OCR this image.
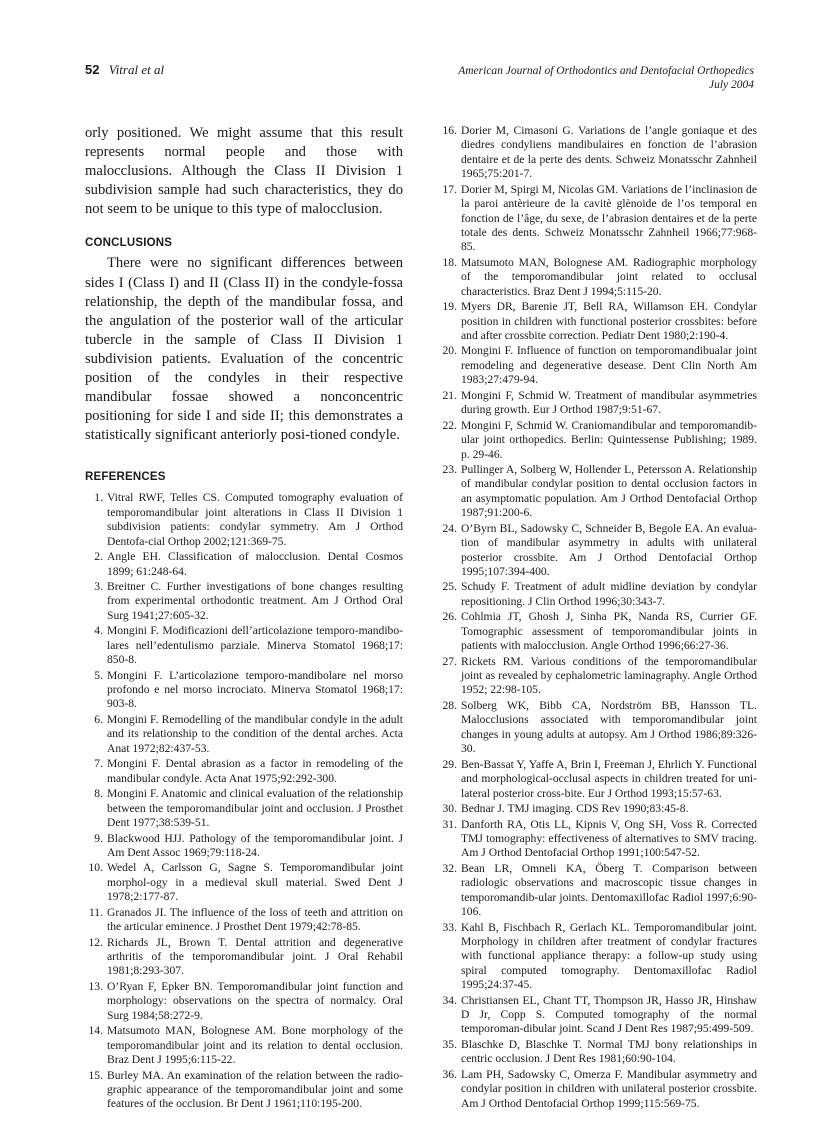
52 Vitral et al	American Journal of Orthodontics and Dentofacial Orthopedics
July 2004

orly positioned. We might assume that this result represents normal people and those with malocclusions. Although the Class II Division 1 subdivision sample had such characteristics, they do not seem to be unique to this type of malocclusion.

CONCLUSIONS

There were no significant differences between sides I (Class I) and II (Class II) in the condyle-fossa relationship, the depth of the mandibular fossa, and the angulation of the posterior wall of the articular tubercle in the sample of Class II Division 1 subdivision patients. Evaluation of the concentric position of the condyles in their respective mandibular fossae showed a nonconcentric positioning for side I and side II; this demonstrates a statistically significant anteriorly posi-tioned condyle.

REFERENCES
1. Vitral RWF, Telles CS. Computed tomography evaluation of temporomandibular joint alterations in Class II Division 1 subdivision patients: condylar symmetry. Am J Orthod Dentofa-cial Orthop 2002;121:369-75.
2. Angle EH. Classification of malocclusion. Dental Cosmos 1899; 61:248-64.
3. Breitner C. Further investigations of bone changes resulting from experimental orthodontic treatment. Am J Orthod Oral Surg 1941;27:605-32.
4. Mongini F. Modificazioni dell’articolazione temporo-mandibo-lares nell’edentulismo parziale. Minerva Stomatol 1968;17: 850-8.
5. Mongini F. L’articolazione temporo-mandibolare nel morso profondo e nel morso incrociato. Minerva Stomatol 1968;17: 903-8.
6. Mongini F. Remodelling of the mandibular condyle in the adult and its relationship to the condition of the dental arches. Acta Anat 1972;82:437-53.
7. Mongini F. Dental abrasion as a factor in remodeling of the mandibular condyle. Acta Anat 1975;92:292-300.
8. Mongini F. Anatomic and clinical evaluation of the relationship between the temporomandibular joint and occlusion. J Prosthet Dent 1977;38:539-51.
9. Blackwood HJJ. Pathology of the temporomandibular joint. J Am Dent Assoc 1969;79:118-24.
10. Wedel A, Carlsson G, Sagne S. Temporomandibular joint morphol-ogy in a medieval skull material. Swed Dent J 1978;2:177-87.
11. Granados JI. The influence of the loss of teeth and attrition on the articular eminence. J Prosthet Dent 1979;42:78-85.
12. Richards JL, Brown T. Dental attrition and degenerative arthritis of the temporomandibular joint. J Oral Rehabil 1981;8:293-307.
13. O’Ryan F, Epker BN. Temporomandibular joint function and morphology: observations on the spectra of normalcy. Oral Surg 1984;58:272-9.
14. Matsumoto MAN, Bolognese AM. Bone morphology of the temporomandibular joint and its relation to dental occlusion. Braz Dent J 1995;6:115-22.
15. Burley MA. An examination of the relation between the radio-graphic appearance of the temporomandibular joint and some features of the occlusion. Br Dent J 1961;110:195-200.
16. Dorier M, Cimasoni G. Variations de l’angle goniaque et des diedres condyliens mandibulaires en fonction de l’abrasion dentaire et de la perte des dents. Schweiz Monatsschr Zahnheil 1965;75:201-7.
17. Dorier M, Spirgi M, Nicolas GM. Variations de l’inclinasion de la paroi antèrieure de la cavitè glènoide de l’os temporal en fonction de l’âge, du sexe, de l’abrasion dentaires et de la perte totale des dents. Schweiz Monatsschr Zahnheil 1966;77:968-85.
18. Matsumoto MAN, Bolognese AM. Radiographic morphology of the temporomandibular joint related to occlusal characteristics. Braz Dent J 1994;5:115-20.
19. Myers DR, Barenie JT, Bell RA, Willamson EH. Condylar position in children with functional posterior crossbites: before and after crossbite correction. Pediatr Dent 1980;2:190-4.
20. Mongini F. Influence of function on temporomandibualar joint remodeling and degenerative desease. Dent Clin North Am 1983;27:479-94.
21. Mongini F, Schmid W. Treatment of mandibular asymmetries during growth. Eur J Orthod 1987;9:51-67.
22. Mongini F, Schmid W. Craniomandibular and temporomandib-ular joint orthopedics. Berlin: Quintessense Publishing; 1989. p. 29-46.
23. Pullinger A, Solberg W, Hollender L, Petersson A. Relationship of mandibular condylar position to dental occlusion factors in an asymptomatic population. Am J Orthod Dentofacial Orthop 1987;91:200-6.
24. O’Byrn BL, Sadowsky C, Schneider B, Begole EA. An evalua-tion of mandibular asymmetry in adults with unilateral posterior crossbite. Am J Orthod Dentofacial Orthop 1995;107:394-400.
25. Schudy F. Treatment of adult midline deviation by condylar repositioning. J Clin Orthod 1996;30:343-7.
26. Cohlmia JT, Ghosh J, Sinha PK, Nanda RS, Currier GF. Tomographic assessment of temporomandibular joints in patients with malocclusion. Angle Orthod 1996;66:27-36.
27. Rickets RM. Various conditions of the temporomandibular joint as revealed by cephalometric laminagraphy. Angle Orthod 1952; 22:98-105.
28. Solberg WK, Bibb CA, Nordström BB, Hansson TL. Malocclusions associated with temporomandibular joint changes in young adults at autopsy. Am J Orthod 1986;89:326-30.
29. Ben-Bassat Y, Yaffe A, Brin I, Freeman J, Ehrlich Y. Functional and morphological-occlusal aspects in children treated for uni-lateral posterior cross-bite. Eur J Orthod 1993;15:57-63.
30. Bednar J. TMJ imaging. CDS Rev 1990;83:45-8.
31. Danforth RA, Otis LL, Kipnis V, Ong SH, Voss R. Corrected TMJ tomography: effectiveness of alternatives to SMV tracing. Am J Orthod Dentofacial Orthop 1991;100:547-52.
32. Bean LR, Omneli KA, Öberg T. Comparison between radiologic observations and macroscopic tissue changes in temporomandib-ular joints. Dentomaxillofac Radiol 1997;6:90-106.
33. Kahl B, Fischbach R, Gerlach KL. Temporomandibular joint. Morphology in children after treatment of condylar fractures with functional appliance therapy: a follow-up study using spiral computed tomography. Dentomaxillofac Radiol 1995;24:37-45.
34. Christiansen EL, Chant TT, Thompson JR, Hasso JR, Hinshaw D Jr, Copp S. Computed tomography of the normal temporoman-dibular joint. Scand J Dent Res 1987;95:499-509.
35. Blaschke D, Blaschke T. Normal TMJ bony relationships in centric occlusion. J Dent Res 1981;60:90-104.
36. Lam PH, Sadowsky C, Omerza F. Mandibular asymmetry and condylar position in children with unilateral posterior crossbite. Am J Orthod Dentofacial Orthop 1999;115:569-75.
